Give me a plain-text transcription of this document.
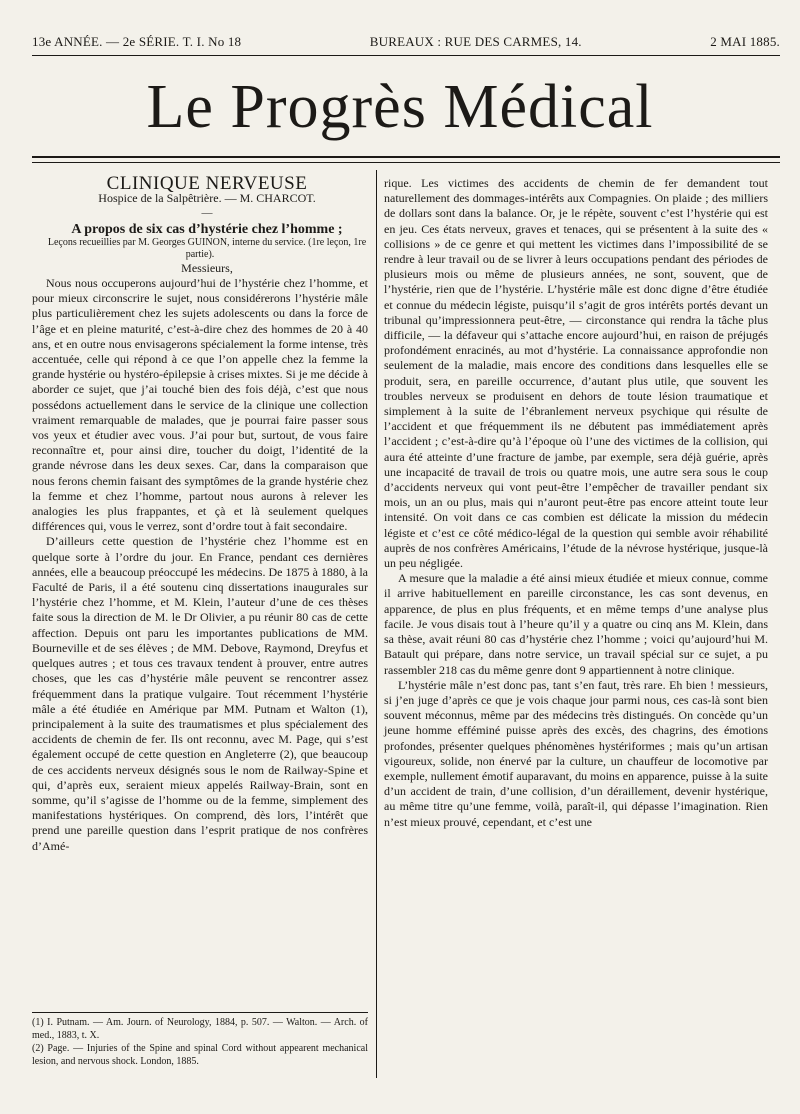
13e ANNÉE. — 2e SÉRIE. T. I. No 18	BUREAUX : RUE DES CARMES, 14.	2 MAI 1885.
Le Progrès Médical

CLINIQUE NERVEUSE

Hospice de la Salpêtrière. — M. CHARCOT.

—

A propos de six cas d’hystérie chez l’homme ;

Leçons recueillies par M. Georges GUINON, interne du service. (1re leçon, 1re partie).

Messieurs,

Nous nous occuperons aujourd’hui de l’hystérie chez l’homme, et pour mieux circonscrire le sujet, nous considérerons l’hystérie mâle plus particulièrement chez les sujets adolescents ou dans la force de l’âge et en pleine maturité, c’est-à-dire chez des hommes de 20 à 40 ans, et en outre nous envisagerons spécialement la forme intense, très accentuée, celle qui répond à ce que l’on appelle chez la femme la grande hystérie ou hystéro-épilepsie à crises mixtes. Si je me décide à aborder ce sujet, que j’ai touché bien des fois déjà, c’est que nous possédons actuellement dans le service de la clinique une collection vraiment remarquable de malades, que je pourrai faire passer sous vos yeux et étudier avec vous. J’ai pour but, surtout, de vous faire reconnaître et, pour ainsi dire, toucher du doigt, l’identité de la grande névrose dans les deux sexes. Car, dans la comparaison que nous ferons chemin faisant des symptômes de la grande hystérie chez la femme et chez l’homme, partout nous aurons à relever les analogies les plus frappantes, et çà et là seulement quelques différences qui, vous le verrez, sont d’ordre tout à fait secondaire.

D’ailleurs cette question de l’hystérie chez l’homme est en quelque sorte à l’ordre du jour. En France, pendant ces dernières années, elle a beaucoup préoccupé les médecins. De 1875 à 1880, à la Faculté de Paris, il a été soutenu cinq dissertations inaugurales sur l’hystérie chez l’homme, et M. Klein, l’auteur d’une de ces thèses faite sous la direction de M. le Dr Olivier, a pu réunir 80 cas de cette affection. Depuis ont paru les importantes publications de MM. Bourneville et de ses élèves ; de MM. Debove, Raymond, Dreyfus et quelques autres ; et tous ces travaux tendent à prouver, entre autres choses, que les cas d’hystérie mâle peuvent se rencontrer assez fréquemment dans la pratique vulgaire. Tout récemment l’hystérie mâle a été étudiée en Amérique par MM. Putnam et Walton (1), principalement à la suite des traumatismes et plus spécialement des accidents de chemin de fer. Ils ont reconnu, avec M. Page, qui s’est également occupé de cette question en Angleterre (2), que beaucoup de ces accidents nerveux désignés sous le nom de Railway-Spine et qui, d’après eux, seraient mieux appelés Railway-Brain, sont en somme, qu’il s’agisse de l’homme ou de la femme, simplement des manifestations hystériques. On comprend, dès lors, l’intérêt que prend une pareille question dans l’esprit pratique de nos confrères d’Amé-

(1) I. Putnam. — Am. Journ. of Neurology, 1884, p. 507. — Walton. — Arch. of med., 1883, t. X.

(2) Page. — Injuries of the Spine and spinal Cord without appearent mechanical lesion, and nervous shock. London, 1885.

rique. Les victimes des accidents de chemin de fer demandent tout naturellement des dommages-intérêts aux Compagnies. On plaide ; des milliers de dollars sont dans la balance. Or, je le répète, souvent c’est l’hystérie qui est en jeu. Ces états nerveux, graves et tenaces, qui se présentent à la suite des « collisions » de ce genre et qui mettent les victimes dans l’impossibilité de se rendre à leur travail ou de se livrer à leurs occupations pendant des périodes de plusieurs mois ou même de plusieurs années, ne sont, souvent, que de l’hystérie, rien que de l’hystérie. L’hystérie mâle est donc digne d’être étudiée et connue du médecin légiste, puisqu’il s’agit de gros intérêts portés devant un tribunal qu’impressionnera peut-être, — circonstance qui rendra la tâche plus difficile, — la défaveur qui s’attache encore aujourd’hui, en raison de préjugés profondément enracinés, au mot d’hystérie. La connaissance approfondie non seulement de la maladie, mais encore des conditions dans lesquelles elle se produit, sera, en pareille occurrence, d’autant plus utile, que souvent les troubles nerveux se produisent en dehors de toute lésion traumatique et simplement à la suite de l’ébranlement nerveux psychique qui résulte de l’accident et que fréquemment ils ne débutent pas immédiatement après l’accident ; c’est-à-dire qu’à l’époque où l’une des victimes de la collision, qui aura été atteinte d’une fracture de jambe, par exemple, sera déjà guérie, après une incapacité de travail de trois ou quatre mois, une autre sera sous le coup d’accidents nerveux qui vont peut-être l’empêcher de travailler pendant six mois, un an ou plus, mais qui n’auront peut-être pas encore atteint toute leur intensité. On voit dans ce cas combien est délicate la mission du médecin légiste et c’est ce côté médico-légal de la question qui semble avoir réhabilité auprès de nos confrères Américains, l’étude de la névrose hystérique, jusque-là un peu négligée.

A mesure que la maladie a été ainsi mieux étudiée et mieux connue, comme il arrive habituellement en pareille circonstance, les cas sont devenus, en apparence, de plus en plus fréquents, et en même temps d’une analyse plus facile. Je vous disais tout à l’heure qu’il y a quatre ou cinq ans M. Klein, dans sa thèse, avait réuni 80 cas d’hystérie chez l’homme ; voici qu’aujourd’hui M. Batault qui prépare, dans notre service, un travail spécial sur ce sujet, a pu rassembler 218 cas du même genre dont 9 appartiennent à notre clinique.

L’hystérie mâle n’est donc pas, tant s’en faut, très rare. Eh bien ! messieurs, si j’en juge d’après ce que je vois chaque jour parmi nous, ces cas-là sont bien souvent méconnus, même par des médecins très distingués. On concède qu’un jeune homme efféminé puisse après des excès, des chagrins, des émotions profondes, présenter quelques phénomènes hystériformes ; mais qu’un artisan vigoureux, solide, non énervé par la culture, un chauffeur de locomotive par exemple, nullement émotif auparavant, du moins en apparence, puisse à la suite d’un accident de train, d’une collision, d’un déraillement, devenir hystérique, au même titre qu’une femme, voilà, paraît-il, qui dépasse l’imagination. Rien n’est mieux prouvé, cependant, et c’est une
